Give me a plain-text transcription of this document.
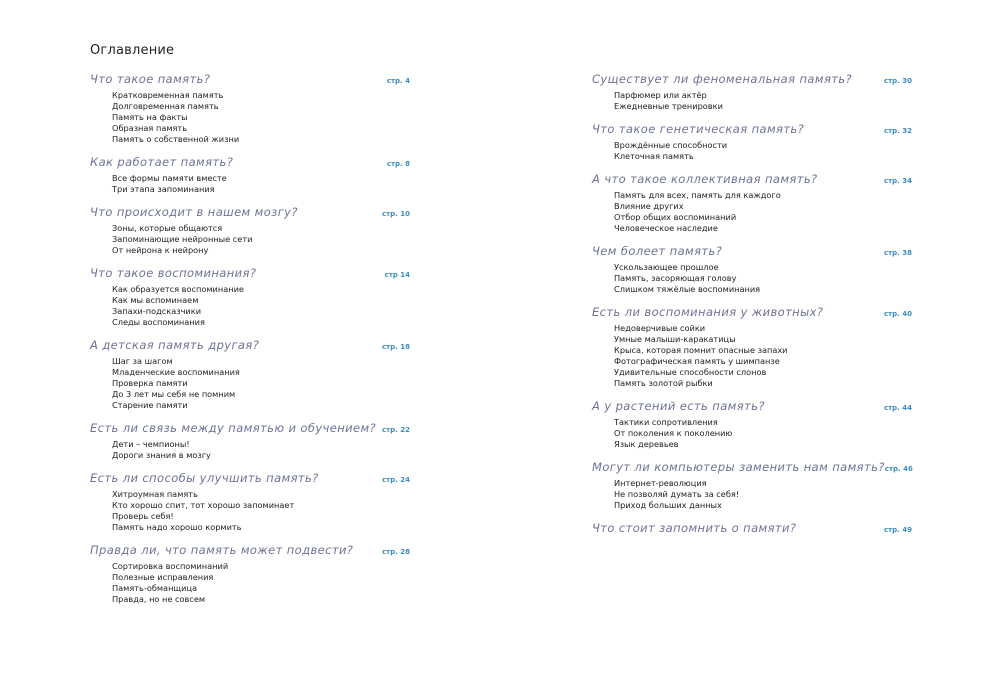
Оглавление
Что такое память?	стр. 4
Кратковременная память
Долговременная память
Память на факты
Образная память
Память о собственной жизни
Как работает память?	стр. 8
Все формы памяти вместе
Три этапа запоминания
Что происходит в нашем мозгу?	стр. 10
Зоны, которые общаются
Запоминающие нейронные сети
От нейрона к нейрону
Что такое воспоминания?	стр 14
Как образуется воспоминание
Как мы вспоминаем
Запахи-подсказчики
Следы воспоминания
А детская память другая?	стр. 18
Шаг за шагом
Младенческие воспоминания
Проверка памяти
До 3 лет мы себя не помним
Старение памяти
Есть ли связь между памятью и обучением? стр. 22
Дети – чемпионы!
Дороги знания в мозгу
Есть ли способы улучшить память?	стр. 24
Хитроумная память
Кто хорошо спит, тот хорошо запоминает
Проверь себя!
Память надо хорошо кормить
Правда ли, что память может подвести?	стр. 28
Сортировка воспоминаний
Полезные исправления
Память-обманщица
Правда, но не совсем
Существует ли феноменальная память?	стр. 30
Парфюмер или актёр
Ежедневные тренировки
Что такое генетическая память?	стр. 32
Врождённые способности
Клеточная память
А что такое коллективная память?	стр. 34
Память для всех, память для каждого
Влияние других
Отбор общих воспоминаний
Человеческое наследие
Чем болеет память?	стр. 38
Ускользающее прошлое
Память, засоряющая голову
Слишком тяжёлые воспоминания
Есть ли воспоминания у животных?	стр. 40
Недоверчивые сойки
Умные малыши-каракатицы
Крыса, которая помнит опасные запахи
Фотографическая память у шимпанзе
Удивительные способности слонов
Память золотой рыбки
А у растений есть память?	стр. 44
Тактики сопротивления
От поколения к поколению
Язык деревьев
Могут ли компьютеры заменить нам память? стр. 46
Интернет-революция
Не позволяй думать за себя!
Приход больших данных
Что стоит запомнить о памяти?	стр. 49
